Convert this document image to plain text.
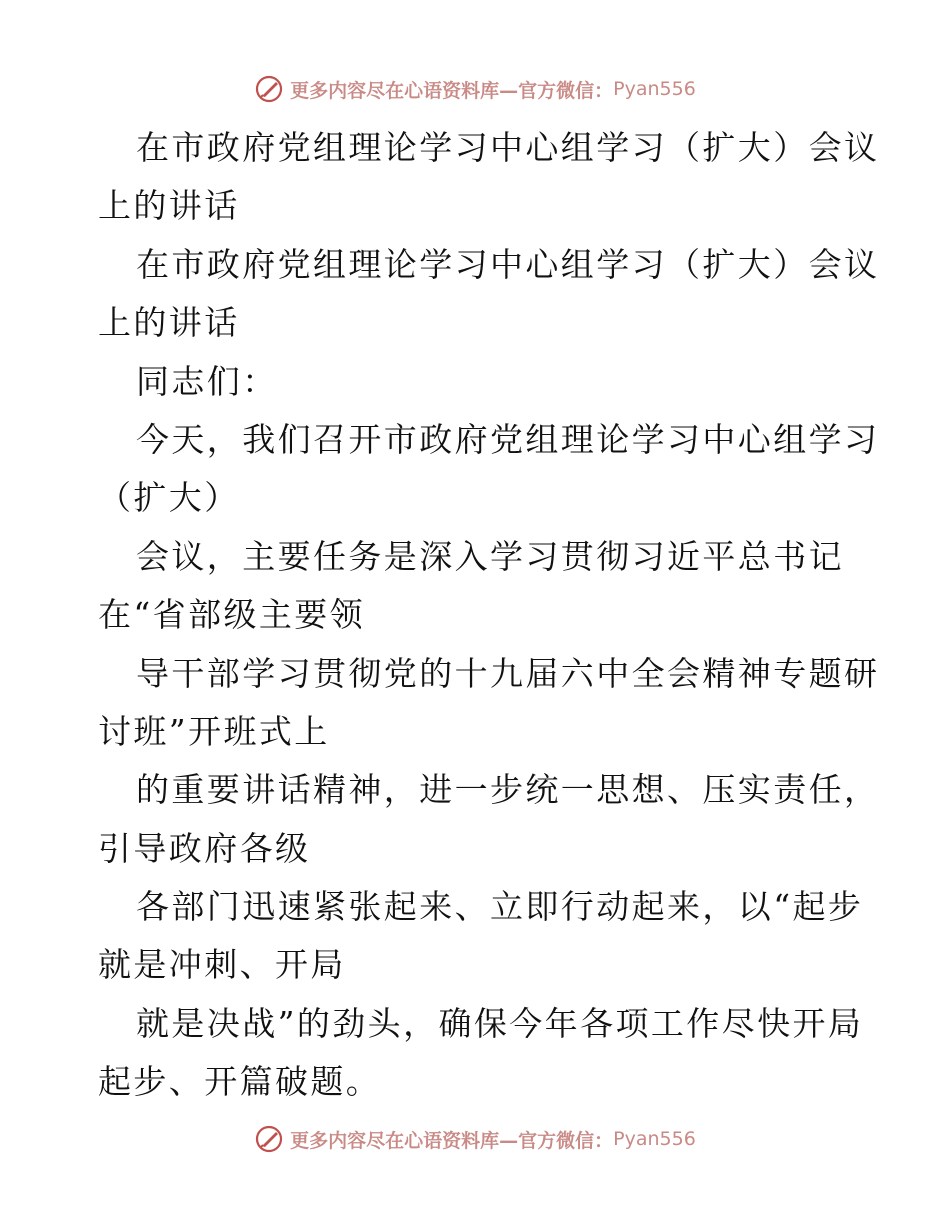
更多内容尽在心语资料库—官方微信： Pyan556
在市政府党组理论学习中心组学习（扩大）会议
上的讲话
在市政府党组理论学习中心组学习（扩大）会议
上的讲话
同志们：
今天，我们召开市政府党组理论学习中心组学习
（扩大）
会议，主要任务是深入学习贯彻习近平总书记
在“省部级主要领
导干部学习贯彻党的十九届六中全会精神专题研
讨班”开班式上
的重要讲话精神，进一步统一思想、压实责任，
引导政府各级
各部门迅速紧张起来、立即行动起来，以“起步
就是冲刺、开局
就是决战”的劲头，确保今年各项工作尽快开局
起步、开篇破题。
更多内容尽在心语资料库—官方微信： Pyan556
